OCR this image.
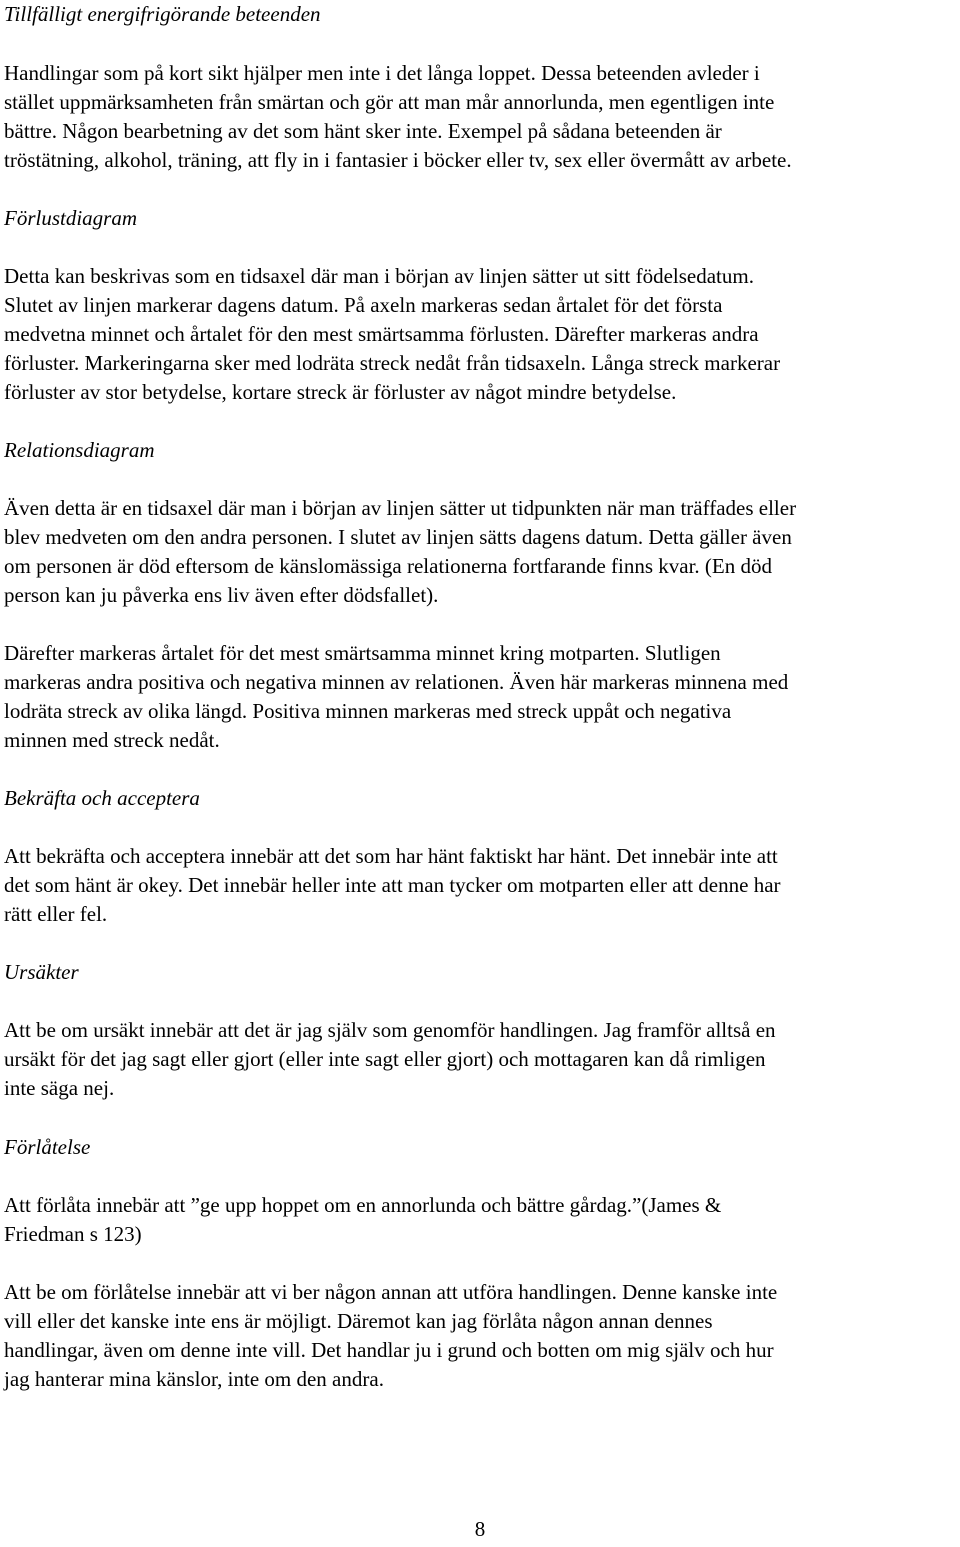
Tillfälligt energifrigörande beteenden
Handlingar som på kort sikt hjälper men inte i det långa loppet. Dessa beteenden avleder i
stället uppmärksamheten från smärtan och gör att man mår annorlunda, men egentligen inte
bättre. Någon bearbetning av det som hänt sker inte. Exempel på sådana beteenden är
tröstätning, alkohol, träning, att fly in i fantasier i böcker eller tv, sex eller övermått av arbete.
Förlustdiagram
Detta kan beskrivas som en tidsaxel där man i början av linjen sätter ut sitt födelsedatum.
Slutet av linjen markerar dagens datum. På axeln markeras sedan årtalet för det första
medvetna minnet och årtalet för den mest smärtsamma förlusten. Därefter markeras andra
förluster. Markeringarna sker med lodräta streck nedåt från tidsaxeln. Långa streck markerar
förluster av stor betydelse, kortare streck är förluster av något mindre betydelse.
Relationsdiagram
Även detta är en tidsaxel där man i början av linjen sätter ut tidpunkten när man träffades eller
blev medveten om den andra personen. I slutet av linjen sätts dagens datum. Detta gäller även
om personen är död eftersom de känslomässiga relationerna fortfarande finns kvar. (En död
person kan ju påverka ens liv även efter dödsfallet).
Därefter markeras årtalet för det mest smärtsamma minnet kring motparten. Slutligen
markeras andra positiva och negativa minnen av relationen. Även här markeras minnena med
lodräta streck av olika längd. Positiva minnen markeras med streck uppåt och negativa
minnen med streck nedåt.
Bekräfta och acceptera
Att bekräfta och acceptera innebär att det som har hänt faktiskt har hänt. Det innebär inte att
det som hänt är okey. Det innebär heller inte att man tycker om motparten eller att denne har
rätt eller fel.
Ursäkter
Att be om ursäkt innebär att det är jag själv som genomför handlingen. Jag framför alltså en
ursäkt för det jag sagt eller gjort (eller inte sagt eller gjort) och mottagaren kan då rimligen
inte säga nej.
Förlåtelse
Att förlåta innebär att ”ge upp hoppet om en annorlunda och bättre gårdag.”(James &
Friedman s 123)
Att be om förlåtelse innebär att vi ber någon annan att utföra handlingen. Denne kanske inte
vill eller det kanske inte ens är möjligt. Däremot kan jag förlåta någon annan dennes
handlingar, även om denne inte vill. Det handlar ju i grund och botten om mig själv och hur
jag hanterar mina känslor, inte om den andra.
8
